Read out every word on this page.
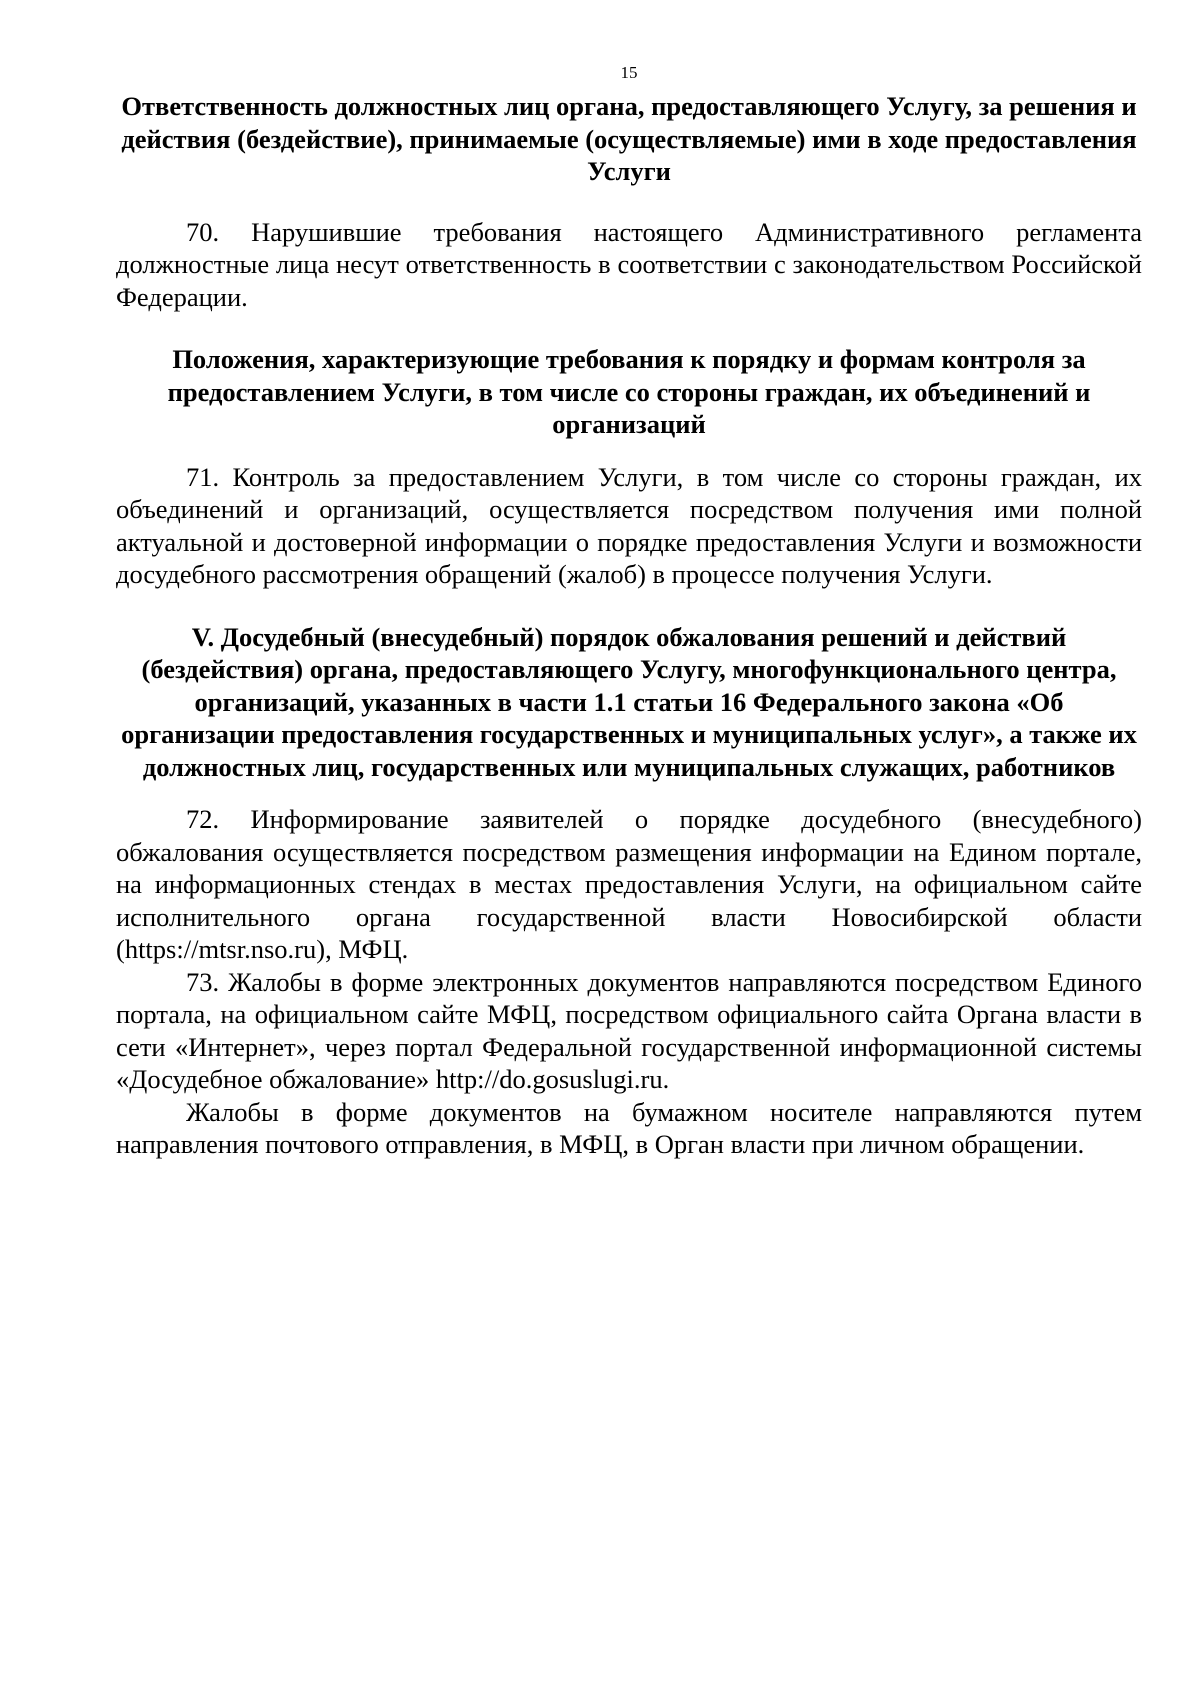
15

Ответственность должностных лиц органа, предоставляющего Услугу, за решения и действия (бездействие), принимаемые (осуществляемые) ими в ходе предоставления Услуги

70. Нарушившие требования настоящего Административного регламента должностные лица несут ответственность в соответствии с законодательством Российской Федерации.

Положения, характеризующие требования к порядку и формам контроля за предоставлением Услуги, в том числе со стороны граждан, их объединений и организаций

71. Контроль за предоставлением Услуги, в том числе со стороны граждан, их объединений и организаций, осуществляется посредством получения ими полной актуальной и достоверной информации о порядке предоставления Услуги и возможности досудебного рассмотрения обращений (жалоб) в процессе получения Услуги.

V. Досудебный (внесудебный) порядок обжалования решений и действий (бездействия) органа, предоставляющего Услугу, многофункционального центра, организаций, указанных в части 1.1 статьи 16 Федерального закона «Об организации предоставления государственных и муниципальных услуг», а также их должностных лиц, государственных или муниципальных служащих, работников

72. Информирование заявителей о порядке досудебного (внесудебного) обжалования осуществляется посредством размещения информации на Едином портале, на информационных стендах в местах предоставления Услуги, на официальном сайте исполнительного органа государственной власти Новосибирской области (https://mtsr.nso.ru), МФЦ.

73. Жалобы в форме электронных документов направляются посредством Единого портала, на официальном сайте МФЦ, посредством официального сайта Органа власти в сети «Интернет», через портал Федеральной государственной информационной системы «Досудебное обжалование» http://do.gosuslugi.ru.

Жалобы в форме документов на бумажном носителе направляются путем направления почтового отправления, в МФЦ, в Орган власти при личном обращении.
